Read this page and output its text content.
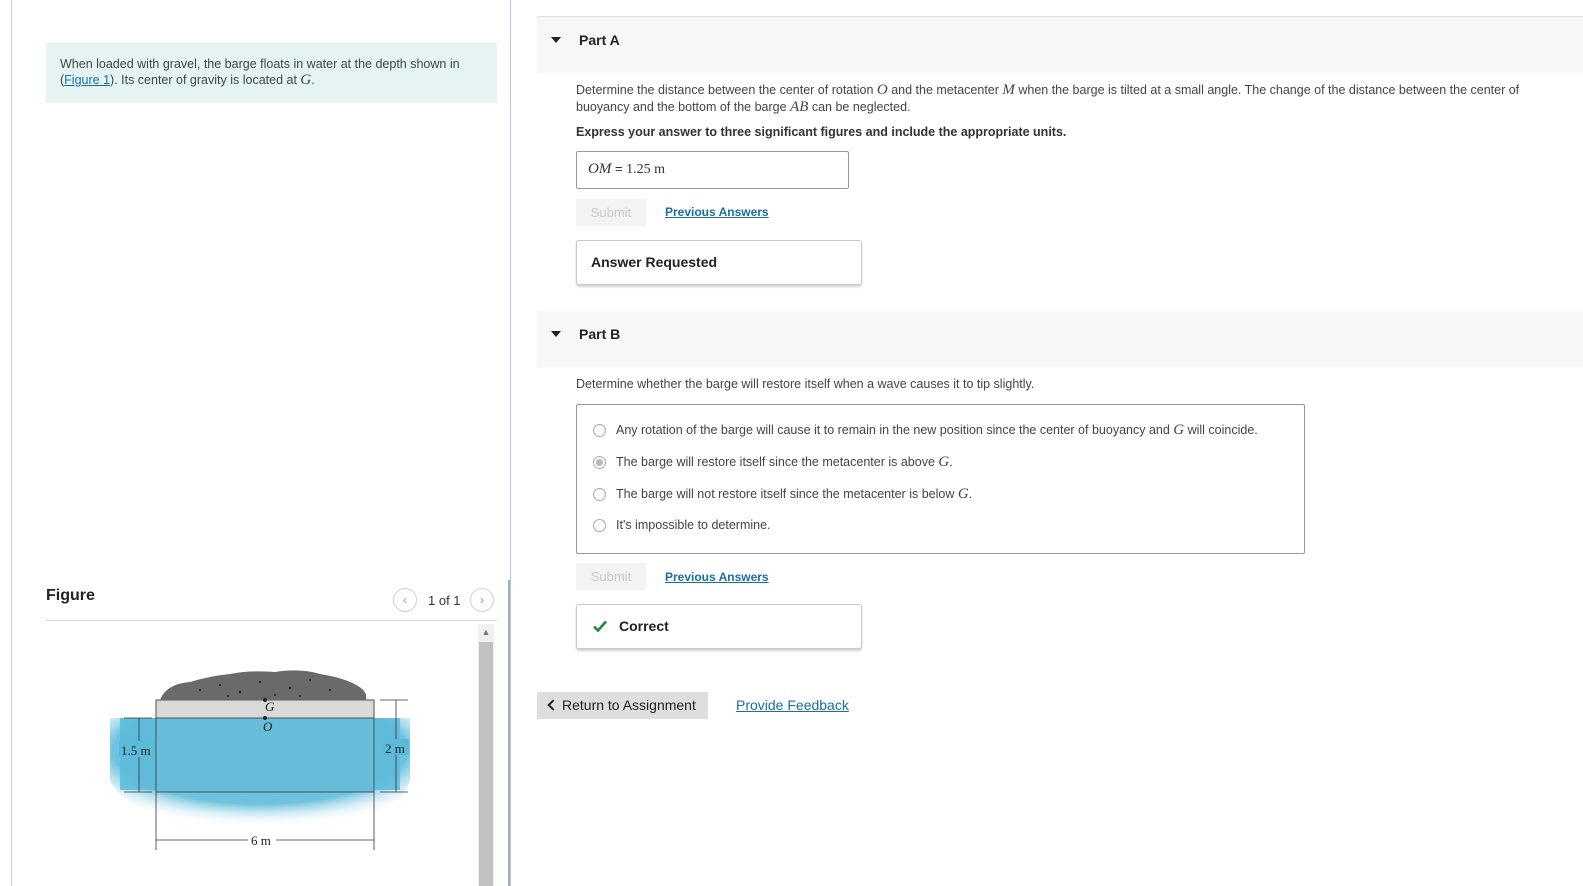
When loaded with gravel, the barge floats in water at the depth shown in (Figure 1). Its center of gravity is located at G.
Figure	‹	1 of 1	›
▲
G
O
1.5 m	2 m
6 m
Part A
Determine the distance between the center of rotation O and the metacenter M when the barge is tilted at a small angle. The change of the distance between the center of buoyancy and the bottom of the barge AB can be neglected.
Express your answer to three significant figures and include the appropriate units.
OM = 1.25 m
Submit	Previous Answers
Answer Requested
Part B
Determine whether the barge will restore itself when a wave causes it to tip slightly.
Any rotation of the barge will cause it to remain in the new position since the center of buoyancy and G will coincide.
The barge will restore itself since the metacenter is above G.
The barge will not restore itself since the metacenter is below G.
It's impossible to determine.
Submit	Previous Answers
Correct
Return to Assignment	Provide Feedback
